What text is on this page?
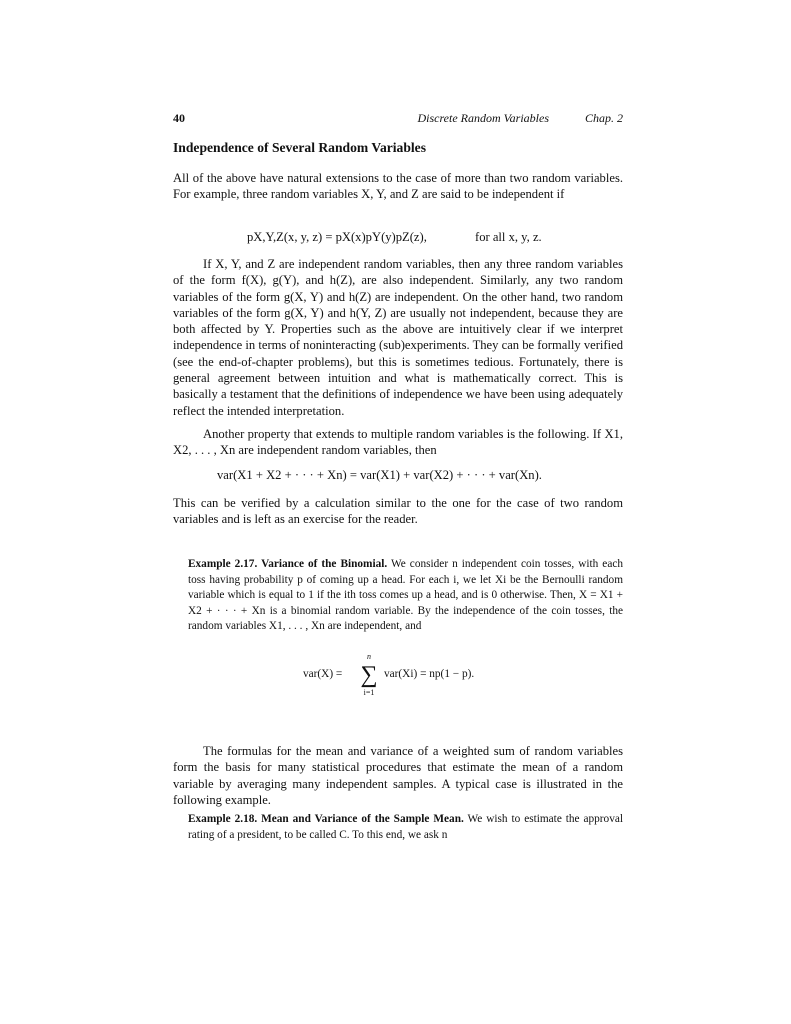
40	Discrete Random Variables	Chap. 2
Independence of Several Random Variables
All of the above have natural extensions to the case of more than two random variables. For example, three random variables X, Y, and Z are said to be independent if
pX,Y,Z(x, y, z) = pX(x)pY(y)pZ(z),	for all x, y, z.
If X, Y, and Z are independent random variables, then any three random variables of the form f(X), g(Y), and h(Z), are also independent. Similarly, any two random variables of the form g(X, Y) and h(Z) are independent. On the other hand, two random variables of the form g(X, Y) and h(Y, Z) are usually not independent, because they are both affected by Y. Properties such as the above are intuitively clear if we interpret independence in terms of noninteracting (sub)experiments. They can be formally verified (see the end-of-chapter problems), but this is sometimes tedious. Fortunately, there is general agreement between intuition and what is mathematically correct. This is basically a testament that the definitions of independence we have been using adequately reflect the intended interpretation.
Another property that extends to multiple random variables is the following. If X1, X2, . . . , Xn are independent random variables, then
var(X1 + X2 + · · · + Xn) = var(X1) + var(X2) + · · · + var(Xn).
This can be verified by a calculation similar to the one for the case of two random variables and is left as an exercise for the reader.
Example 2.17. Variance of the Binomial. We consider n independent coin tosses, with each toss having probability p of coming up a head. For each i, we let Xi be the Bernoulli random variable which is equal to 1 if the ith toss comes up a head, and is 0 otherwise. Then, X = X1 + X2 + · · · + Xn is a binomial random variable. By the independence of the coin tosses, the random variables X1, . . . , Xn are independent, and
var(X) =
n
∑
i=1
var(Xi) = np(1 − p).
The formulas for the mean and variance of a weighted sum of random variables form the basis for many statistical procedures that estimate the mean of a random variable by averaging many independent samples. A typical case is illustrated in the following example.
Example 2.18. Mean and Variance of the Sample Mean. We wish to estimate the approval rating of a president, to be called C. To this end, we ask n
